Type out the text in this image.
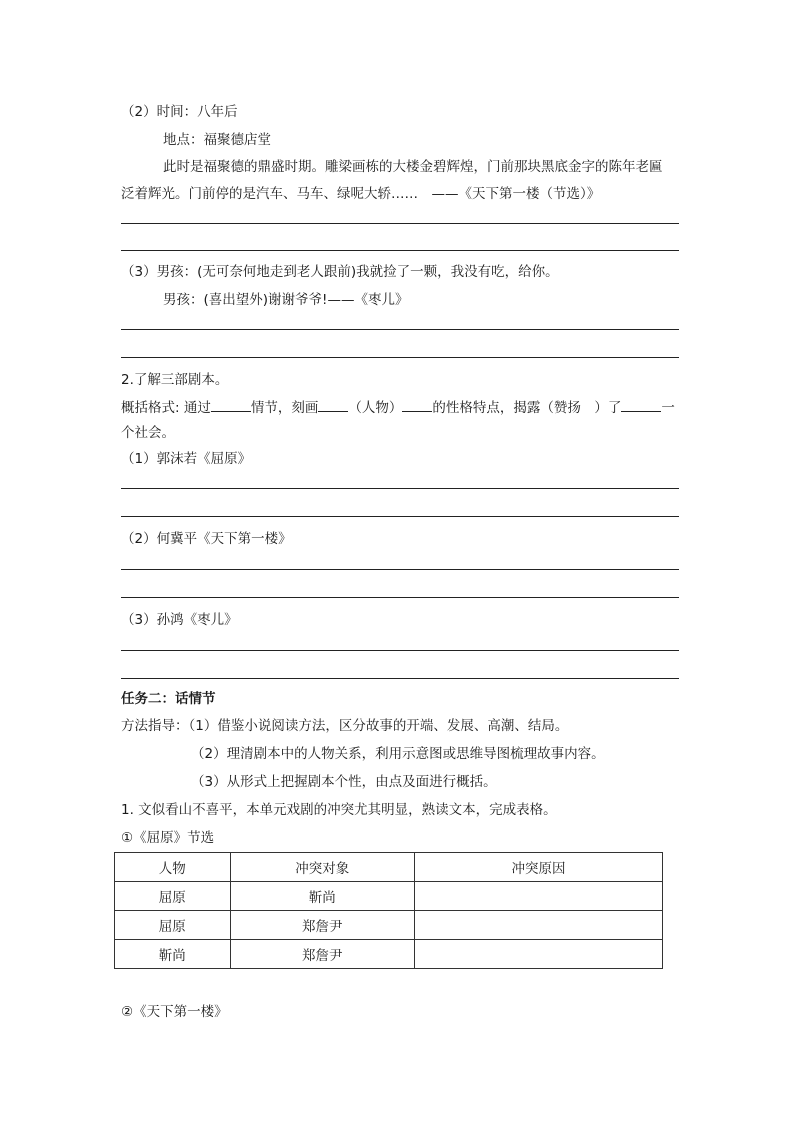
（2）时间：八年后
地点：福聚德店堂
此时是福聚德的鼎盛时期。雕梁画栋的大楼金碧辉煌，门前那块黑底金字的陈年老匾
泛着辉光。门前停的是汽车、马车、绿呢大轿……　——《天下第一楼（节选）》
（3）男孩：(无可奈何地走到老人跟前)我就捡了一颗，我没有吃，给你。
男孩：(喜出望外)谢谢爷爷!——《枣儿》
2.了解三部剧本。
概括格式: 通过	情节，刻画 （人物） 的性格特点，揭露（赞扬　）了	一
个社会。
（1）郭沫若《屈原》
（2）何冀平《天下第一楼》
（3）孙鸿《枣儿》
任务二：话情节
方法指导：（1）借鉴小说阅读方法，区分故事的开端、发展、高潮、结局。
（2）理清剧本中的人物关系，利用示意图或思维导图梳理故事内容。
（3）从形式上把握剧本个性，由点及面进行概括。
1. 文似看山不喜平，本单元戏剧的冲突尤其明显，熟读文本，完成表格。
①《屈原》节选
人物	冲突对象	冲突原因
屈原	靳尚	
屈原	郑詹尹	
靳尚	郑詹尹	
②《天下第一楼》
